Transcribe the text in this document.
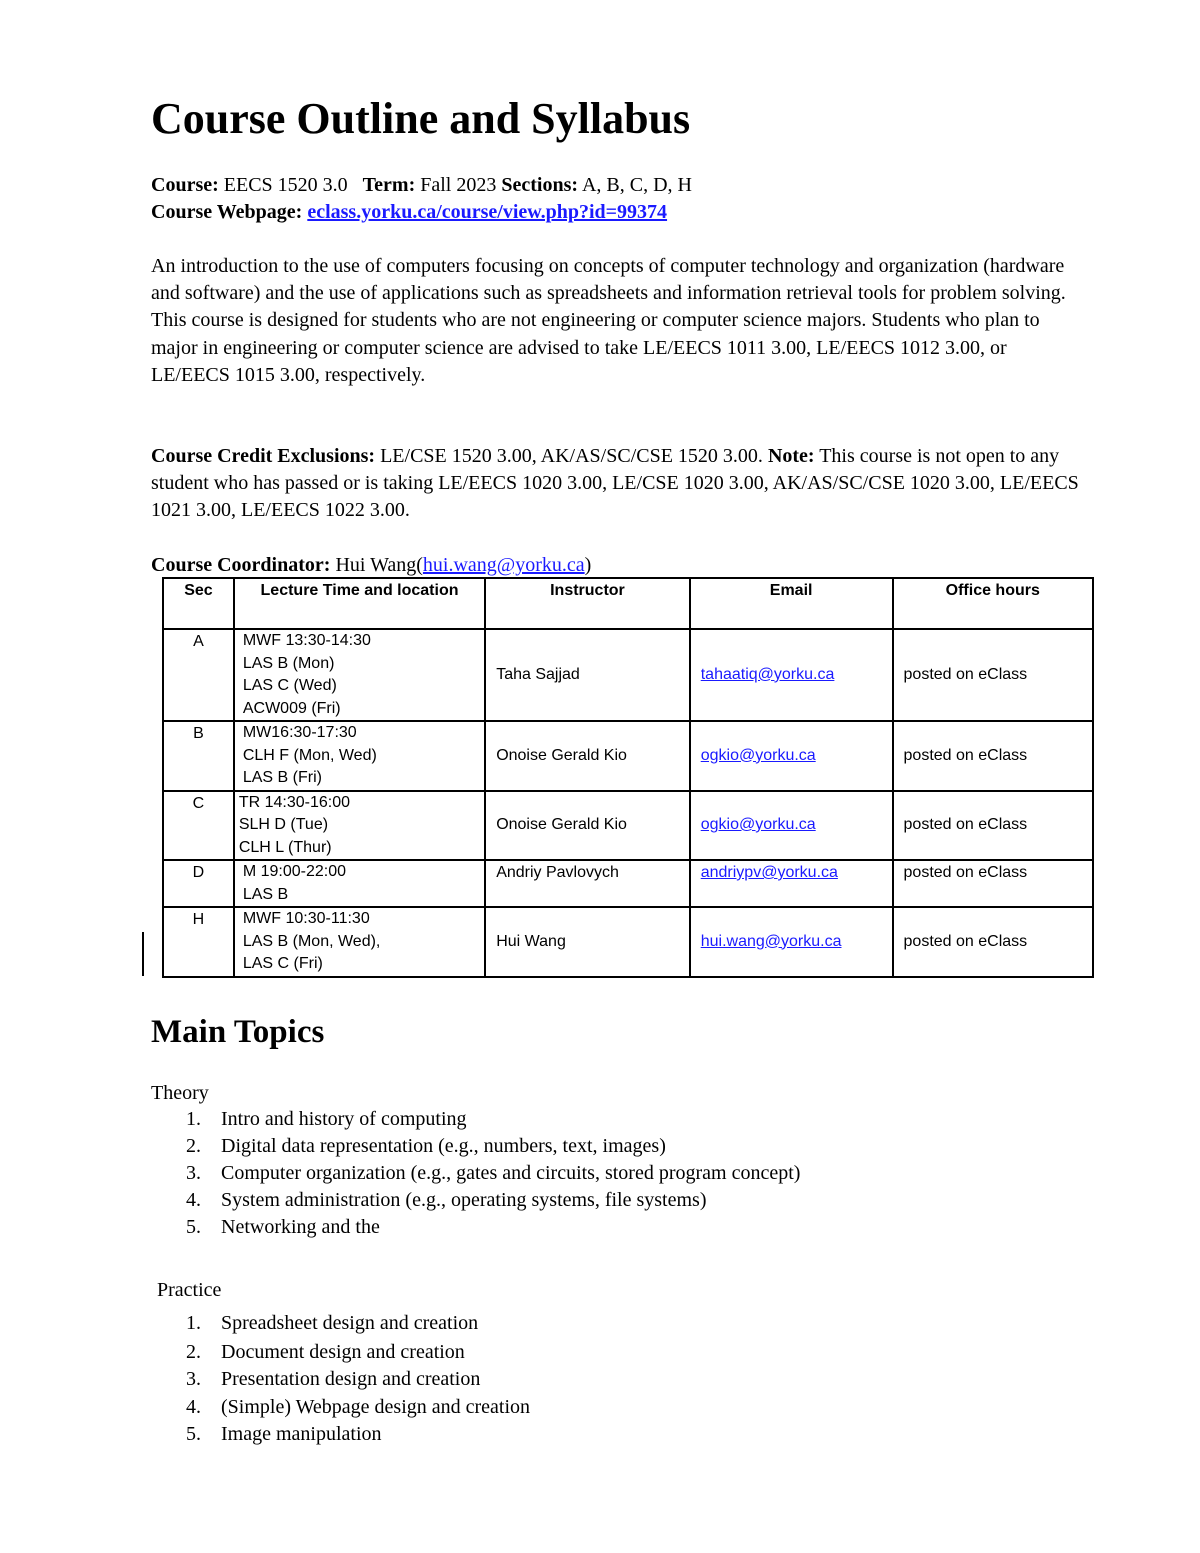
Course Outline and Syllabus
Course: EECS 1520 3.0 Term: Fall 2023 Sections: A, B, C, D, H
Course Webpage: eclass.yorku.ca/course/view.php?id=99374
An introduction to the use of computers focusing on concepts of computer technology and organization (hardware and software) and the use of applications such as spreadsheets and information retrieval tools for problem solving. This course is designed for students who are not engineering or computer science majors. Students who plan to major in engineering or computer science are advised to take LE/EECS 1011 3.00, LE/EECS 1012 3.00, or LE/EECS 1015 3.00, respectively.
Course Credit Exclusions: LE/CSE 1520 3.00, AK/AS/SC/CSE 1520 3.00. Note: This course is not open to any student who has passed or is taking LE/EECS 1020 3.00, LE/CSE 1020 3.00, AK/AS/SC/CSE 1020 3.00, LE/EECS 1021 3.00, LE/EECS 1022 3.00.
Course Coordinator: Hui Wang(hui.wang@yorku.ca)
Sec	Lecture Time and location	Instructor	Email	Office hours

A	MWF 13:30-14:30
LAS B (Mon)
LAS C (Wed)
ACW009 (Fri)	Taha Sajjad	tahaatiq@yorku.ca	posted on eClass

B	MW16:30-17:30
CLH F (Mon, Wed)
LAS B (Fri)	Onoise Gerald Kio	ogkio@yorku.ca	posted on eClass

C	TR 14:30-16:00
SLH D (Tue)
CLH L (Thur)	Onoise Gerald Kio	ogkio@yorku.ca	posted on eClass

D	M 19:00-22:00
LAS B	Andriy Pavlovych	andriypv@yorku.ca	posted on eClass

H	MWF 10:30-11:30
LAS B (Mon, Wed),
LAS C (Fri)	Hui Wang	hui.wang@yorku.ca	posted on eClass
Main Topics
Theory
1. Intro and history of computing
2. Digital data representation (e.g., numbers, text, images)
3. Computer organization (e.g., gates and circuits, stored program concept)
4. System administration (e.g., operating systems, file systems)
5. Networking and the
Practice
1. Spreadsheet design and creation
2. Document design and creation
3. Presentation design and creation
4. (Simple) Webpage design and creation
5. Image manipulation
